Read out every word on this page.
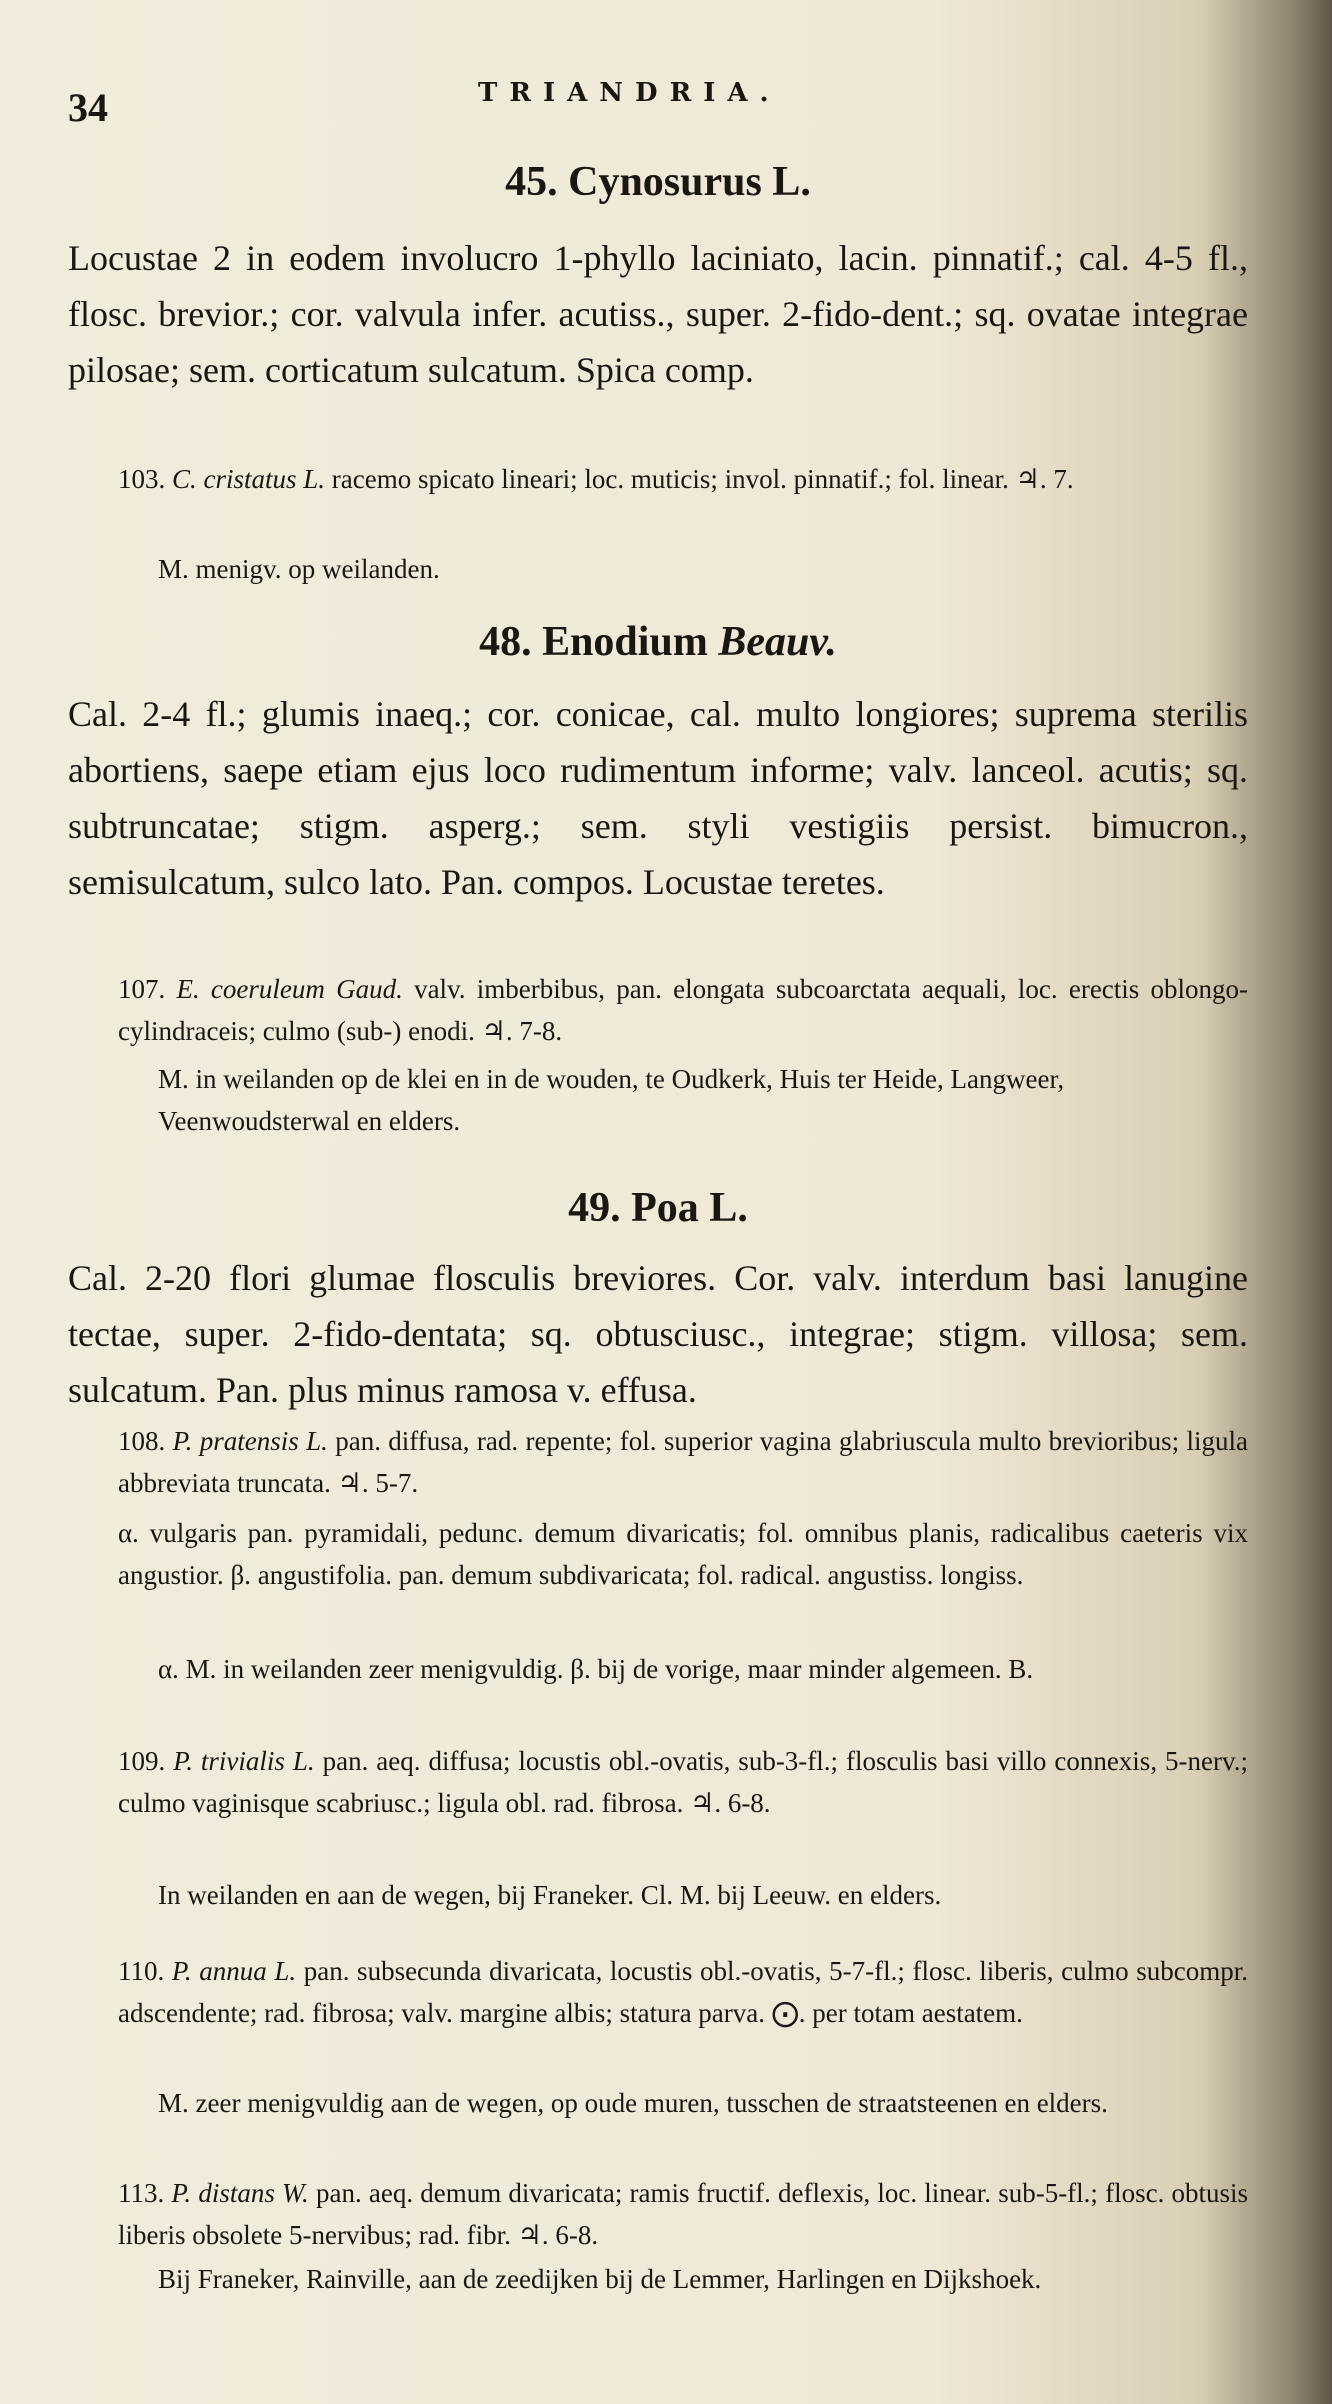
34	TRIANDRIA.
45. Cynosurus L.
Locustae 2 in eodem involucro 1-phyllo laciniato, lacin. pinnatif.; cal. 4-5 fl., flosc. brevior.; cor. valvula infer. acutiss., super. 2-fido-dent.; sq. ovatae integrae pilosae; sem. corticatum sulcatum. Spica comp.
103. C. cristatus L. racemo spicato lineari; loc. muticis; invol. pinnatif.; fol. linear. ♃. 7.
M. menigv. op weilanden.
48. Enodium Beauv.
Cal. 2-4 fl.; glumis inaeq.; cor. conicae, cal. multo longiores; suprema sterilis abortiens, saepe etiam ejus loco rudimentum informe; valv. lanceol. acutis; sq. subtruncatae; stigm. asperg.; sem. styli vestigiis persist. bimucron., semisulcatum, sulco lato. Pan. compos. Locustae teretes.
107. E. coeruleum Gaud. valv. imberbibus, pan. elongata subcoarctata aequali, loc. erectis oblongo-cylindraceis; culmo (sub-) enodi. ♃. 7-8.
M. in weilanden op de klei en in de wouden, te Oudkerk, Huis ter Heide, Langweer, Veenwoudsterwal en elders.
49. Poa L.
Cal. 2-20 flori glumae flosculis breviores. Cor. valv. interdum basi lanugine tectae, super. 2-fido-dentata; sq. obtusciusc., integrae; stigm. villosa; sem. sulcatum. Pan. plus minus ramosa v. effusa.
108. P. pratensis L. pan. diffusa, rad. repente; fol. superior vagina glabriuscula multo brevioribus; ligula abbreviata truncata. ♃. 5-7.
α. vulgaris pan. pyramidali, pedunc. demum divaricatis; fol. omnibus planis, radicalibus caeteris vix angustior. β. angustifolia. pan. demum subdivaricata; fol. radical. angustiss. longiss.
α. M. in weilanden zeer menigvuldig. β. bij de vorige, maar minder algemeen. B.
109. P. trivialis L. pan. aeq. diffusa; locustis obl.-ovatis, sub-3-fl.; flosculis basi villo connexis, 5-nerv.; culmo vaginisque scabriusc.; ligula obl. rad. fibrosa. ♃. 6-8.
In weilanden en aan de wegen, bij Franeker. Cl. M. bij Leeuw. en elders.
110. P. annua L. pan. subsecunda divaricata, locustis obl.-ovatis, 5-7-fl.; flosc. liberis, culmo subcompr. adscendente; rad. fibrosa; valv. margine albis; statura parva. ⨀. per totam aestatem.
M. zeer menigvuldig aan de wegen, op oude muren, tusschen de straatsteenen en elders.
113. P. distans W. pan. aeq. demum divaricata; ramis fructif. deflexis, loc. linear. sub-5-fl.; flosc. obtusis liberis obsolete 5-nervibus; rad. fibr. ♃. 6-8.
Bij Franeker, Rainville, aan de zeedijken bij de Lemmer, Harlingen en Dijkshoek.
